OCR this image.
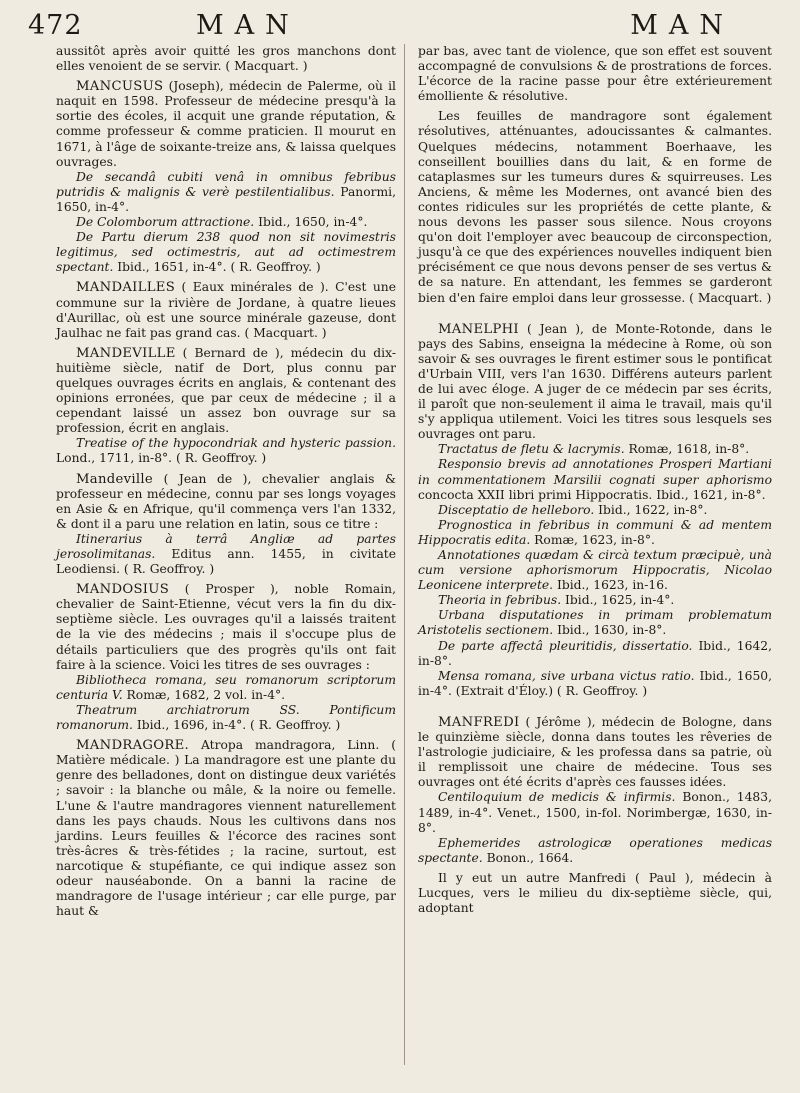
472	MAN	MAN

aussitôt après avoir quitté les gros manchons dont elles venoient de se servir. ( Macquart. )

MANCUSUS (Joseph), médecin de Palerme, où il naquit en 1598. Professeur de médecine presqu'à la sortie des écoles, il acquit une grande réputation, & comme professeur & comme praticien. Il mourut en 1671, à l'âge de soixante-treize ans, & laissa quelques ouvrages.

De secandâ cubiti venâ in omnibus febribus putridis & malignis & verè pestilentialibus. Panormi, 1650, in-4°.

De Colomborum attractione. Ibid., 1650, in-4°.

De Partu dierum 238 quod non sit novimestris legitimus, sed octimestris, aut ad octimestrem spectant. Ibid., 1651, in-4°. ( R. Geoffroy. )

MANDAILLES ( Eaux minérales de ). C'est une commune sur la rivière de Jordane, à quatre lieues d'Aurillac, où est une source minérale gazeuse, dont Jaulhac ne fait pas grand cas. ( Macquart. )

MANDEVILLE ( Bernard de ), médecin du dix-huitième siècle, natif de Dort, plus connu par quelques ouvrages écrits en anglais, & contenant des opinions erronées, que par ceux de médecine ; il a cependant laissé un assez bon ouvrage sur sa profession, écrit en anglais.

Treatise of the hypocondriak and hysteric passion. Lond., 1711, in-8°. ( R. Geoffroy. )

Mandeville ( Jean de ), chevalier anglais & professeur en médecine, connu par ses longs voyages en Asie & en Afrique, qu'il commença vers l'an 1332, & dont il a paru une relation en latin, sous ce titre :

Itinerarius à terrâ Angliæ ad partes jerosolimitanas. Editus ann. 1455, in civitate Leodiensi. ( R. Geoffroy. )

MANDOSIUS ( Prosper ), noble Romain, chevalier de Saint-Etienne, vécut vers la fin du dix-septième siècle. Les ouvrages qu'il a laissés traitent de la vie des médecins ; mais il s'occupe plus de détails particuliers que des progrès qu'ils ont fait faire à la science. Voici les titres de ses ouvrages :

Bibliotheca romana, seu romanorum scriptorum centuria V. Romæ, 1682, 2 vol. in-4°.

Theatrum archiatrorum SS. Pontificum romanorum. Ibid., 1696, in-4°. ( R. Geoffroy. )

MANDRAGORE. Atropa mandragora, Linn. ( Matière médicale. ) La mandragore est une plante du genre des belladones, dont on distingue deux variétés ; savoir : la blanche ou mâle, & la noire ou femelle. L'une & l'autre mandragores viennent naturellement dans les pays chauds. Nous les cultivons dans nos jardins. Leurs feuilles & l'écorce des racines sont très-âcres & très-fétides ; la racine, surtout, est narcotique & stupéfiante, ce qui indique assez son odeur nauséabonde. On a banni la racine de mandragore de l'usage intérieur ; car elle purge, par haut &

par bas, avec tant de violence, que son effet est souvent accompagné de convulsions & de prostrations de forces. L'écorce de la racine passe pour être extérieurement émolliente & résolutive.

Les feuilles de mandragore sont également résolutives, atténuantes, adoucissantes & calmantes. Quelques médecins, notamment Boerhaave, les conseillent bouillies dans du lait, & en forme de cataplasmes sur les tumeurs dures & squirreuses. Les Anciens, & même les Modernes, ont avancé bien des contes ridicules sur les propriétés de cette plante, & nous devons les passer sous silence. Nous croyons qu'on doit l'employer avec beaucoup de circonspection, jusqu'à ce que des expériences nouvelles indiquent bien précisément ce que nous devons penser de ses vertus & de sa nature. En attendant, les femmes se garderont bien d'en faire emploi dans leur grossesse. ( Macquart. )

MANELPHI ( Jean ), de Monte-Rotonde, dans le pays des Sabins, enseigna la médecine à Rome, où son savoir & ses ouvrages le firent estimer sous le pontificat d'Urbain VIII, vers l'an 1630. Différens auteurs parlent de lui avec éloge. A juger de ce médecin par ses écrits, il paroît que non-seulement il aima le travail, mais qu'il s'y appliqua utilement. Voici les titres sous lesquels ses ouvrages ont paru.

Tractatus de fletu & lacrymis. Romæ, 1618, in-8°.

Responsio brevis ad annotationes Prosperi Martiani in commentationem Marsilii cognati super aphorismo concocta XXII libri primi Hippocratis. Ibid., 1621, in-8°.

Disceptatio de helleboro. Ibid., 1622, in-8°.

Prognostica in febribus in communi & ad mentem Hippocratis edita. Romæ, 1623, in-8°.

Annotationes quædam & circà textum præcipuè, unà cum versione aphorismorum Hippocratis, Nicolao Leonicene interprete. Ibid., 1623, in-16.

Theoria in febribus. Ibid., 1625, in-4°.

Urbana disputationes in primam problematum Aristotelis sectionem. Ibid., 1630, in-8°.

De parte affectâ pleuritidis, dissertatio. Ibid., 1642, in-8°.

Mensa romana, sive urbana victus ratio. Ibid., 1650, in-4°. (Extrait d'Éloy.) ( R. Geoffroy. )

MANFREDI ( Jérôme ), médecin de Bologne, dans le quinzième siècle, donna dans toutes les rêveries de l'astrologie judiciaire, & les professa dans sa patrie, où il remplissoit une chaire de médecine. Tous ses ouvrages ont été écrits d'après ces fausses idées.

Centiloquium de medicis & infirmis. Bonon., 1483, 1489, in-4°. Venet., 1500, in-fol. Norimbergæ, 1630, in-8°.

Ephemerides astrologicæ operationes medicas spectante. Bonon., 1664.

Il y eut un autre Manfredi ( Paul ), médecin à Lucques, vers le milieu du dix-septième siècle, qui, adoptant
